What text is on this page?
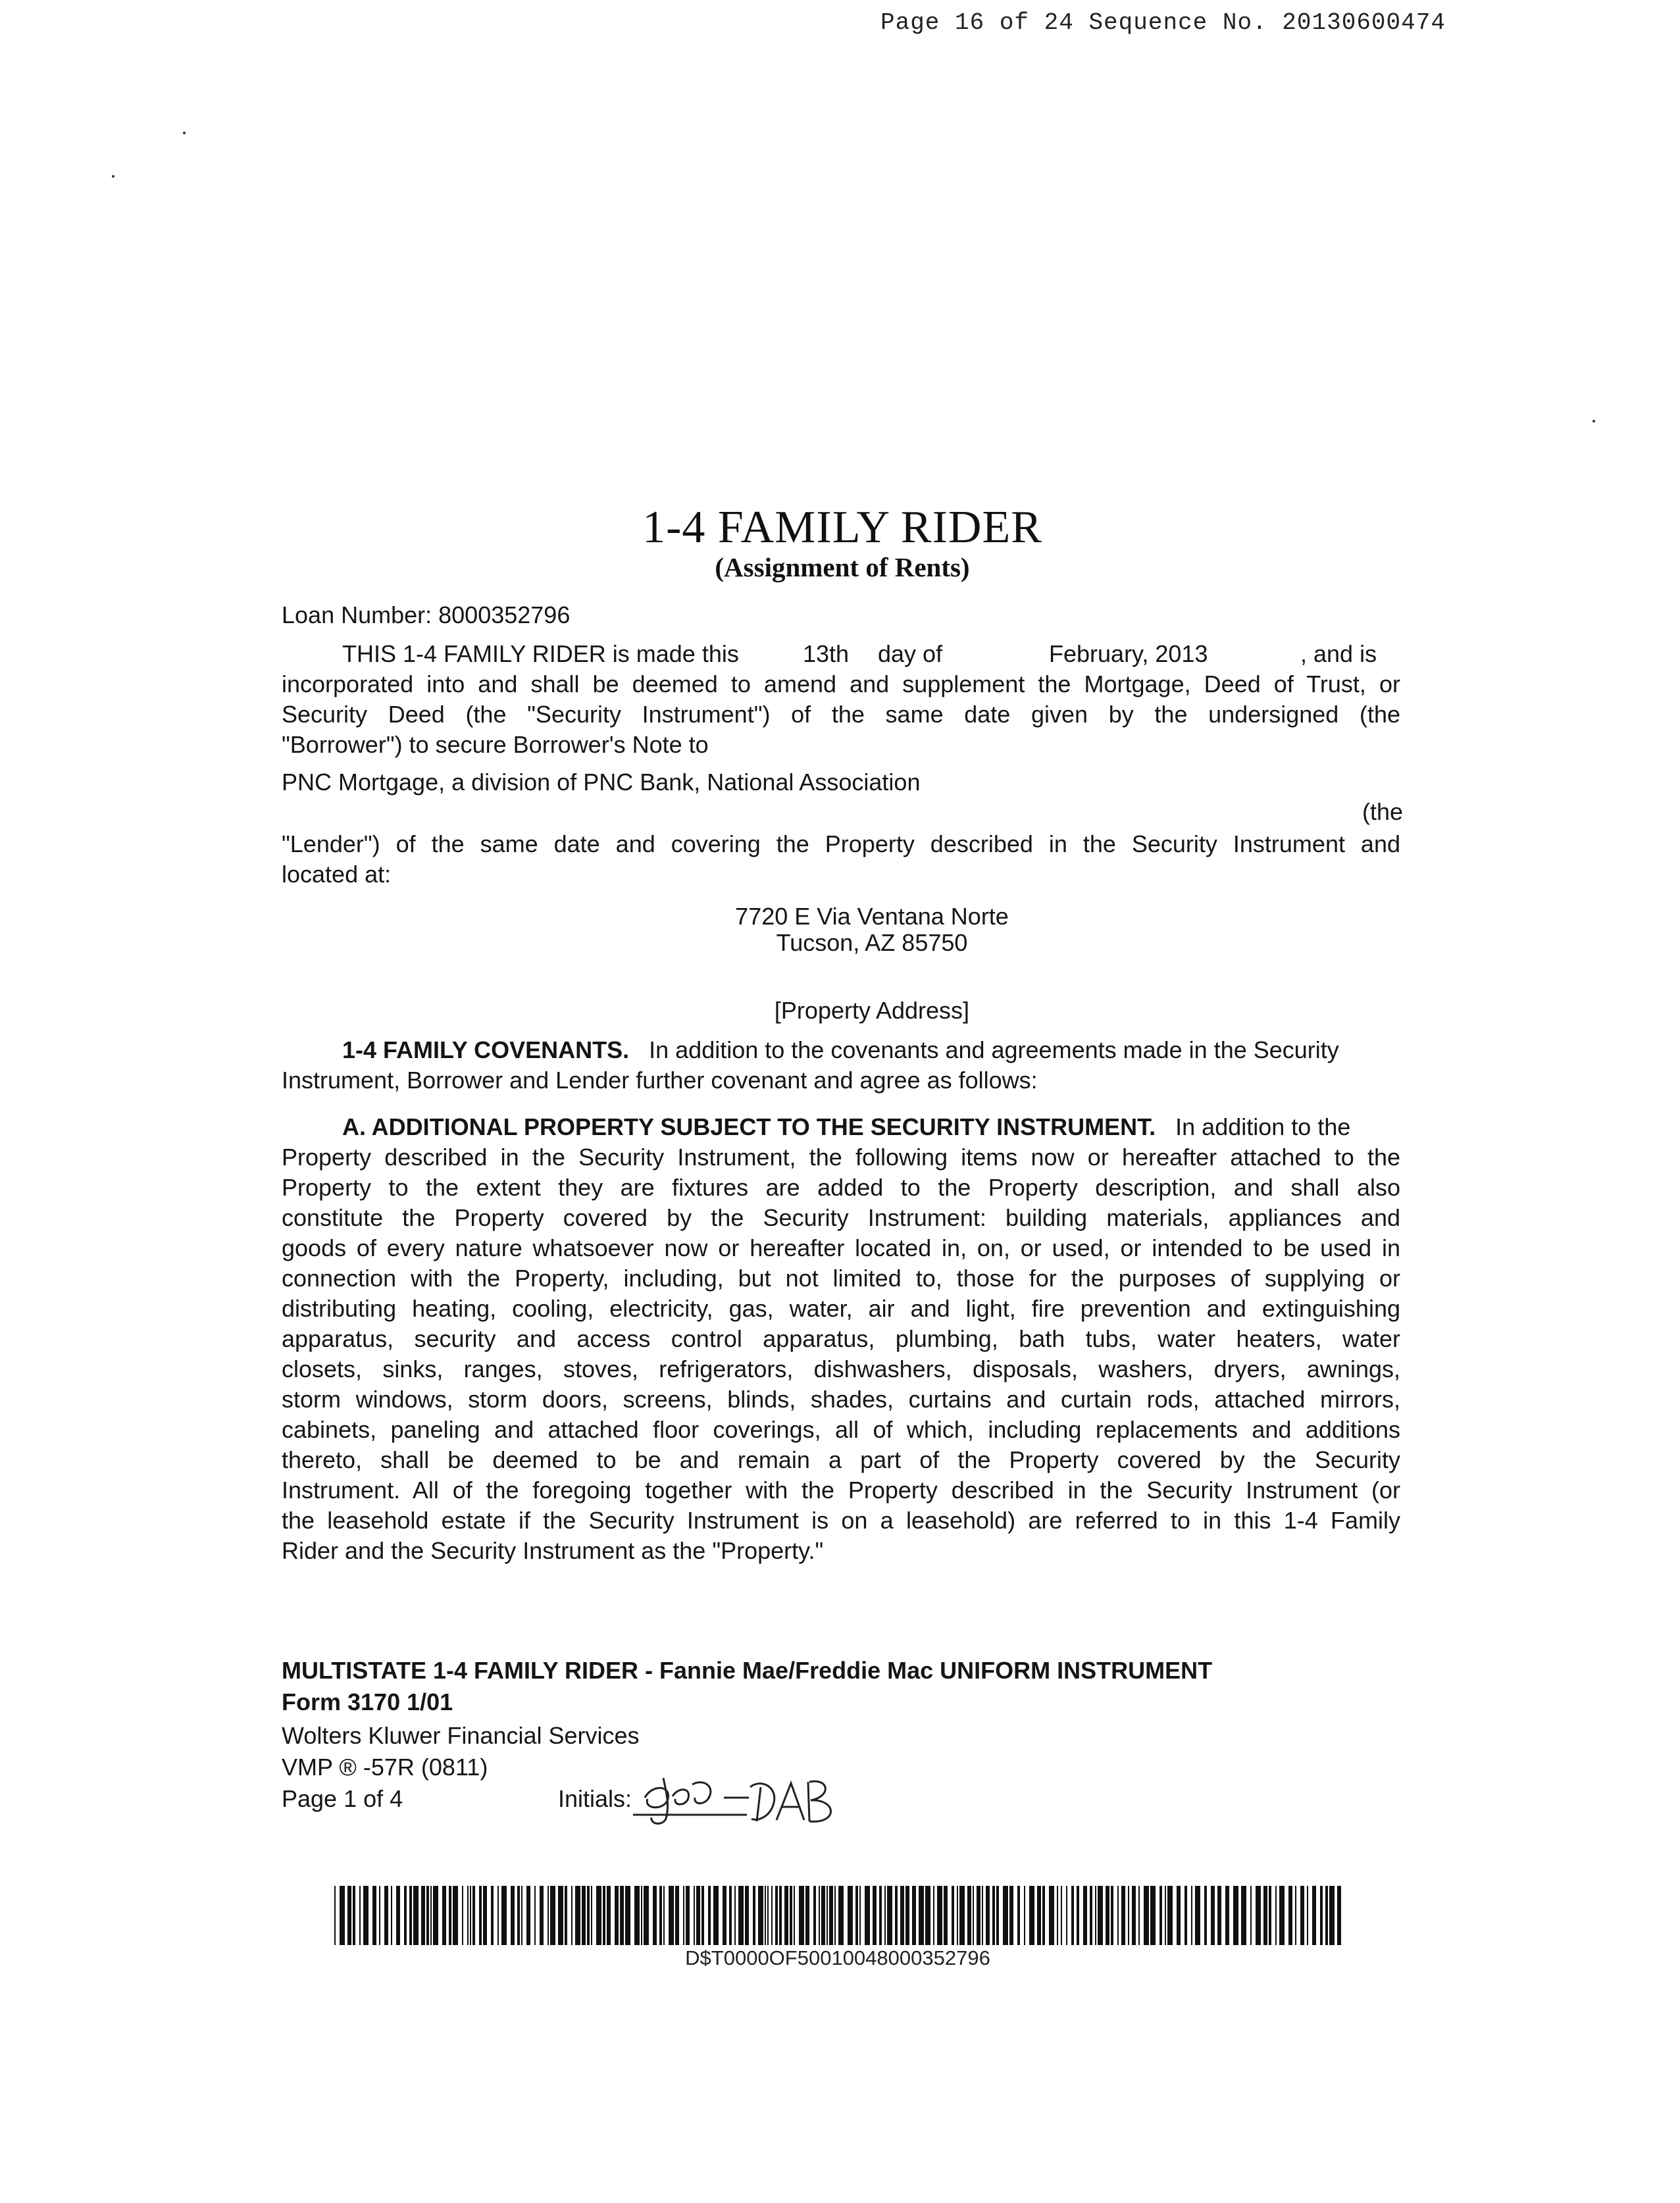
Page 16 of 24 Sequence No. 20130600474
1-4 FAMILY RIDER
(Assignment of Rents)
Loan Number: 8000352796
THIS 1-4 FAMILY RIDER is made this	13th day of	February, 2013	, and is
incorporated into and shall be deemed to amend and supplement the Mortgage, Deed of Trust, or
Security Deed (the "Security Instrument") of the same date given by the undersigned (the
"Borrower") to secure Borrower's Note to
PNC Mortgage, a division of PNC Bank, National Association
(the
"Lender") of the same date and covering the Property described in the Security Instrument and
located at:
7720 E Via Ventana Norte
Tucson, AZ 85750
[Property Address]
1-4 FAMILY COVENANTS. In addition to the covenants and agreements made in the Security
Instrument, Borrower and Lender further covenant and agree as follows:
A. ADDITIONAL PROPERTY SUBJECT TO THE SECURITY INSTRUMENT. In addition to the
Property described in the Security Instrument, the following items now or hereafter attached to the
Property to the extent they are fixtures are added to the Property description, and shall also
constitute the Property covered by the Security Instrument: building materials, appliances and
goods of every nature whatsoever now or hereafter located in, on, or used, or intended to be used in
connection with the Property, including, but not limited to, those for the purposes of supplying or
distributing heating, cooling, electricity, gas, water, air and light, fire prevention and extinguishing
apparatus, security and access control apparatus, plumbing, bath tubs, water heaters, water
closets, sinks, ranges, stoves, refrigerators, dishwashers, disposals, washers, dryers, awnings,
storm windows, storm doors, screens, blinds, shades, curtains and curtain rods, attached mirrors,
cabinets, paneling and attached floor coverings, all of which, including replacements and additions
thereto, shall be deemed to be and remain a part of the Property covered by the Security
Instrument. All of the foregoing together with the Property described in the Security Instrument (or
the leasehold estate if the Security Instrument is on a leasehold) are referred to in this 1-4 Family
Rider and the Security Instrument as the "Property."
MULTISTATE 1-4 FAMILY RIDER - Fannie Mae/Freddie Mac UNIFORM INSTRUMENT
Form 3170 1/01
Wolters Kluwer Financial Services
VMP ® -57R (0811)
Page 1 of 4	Initials:
D$T0000OF50010048000352796
